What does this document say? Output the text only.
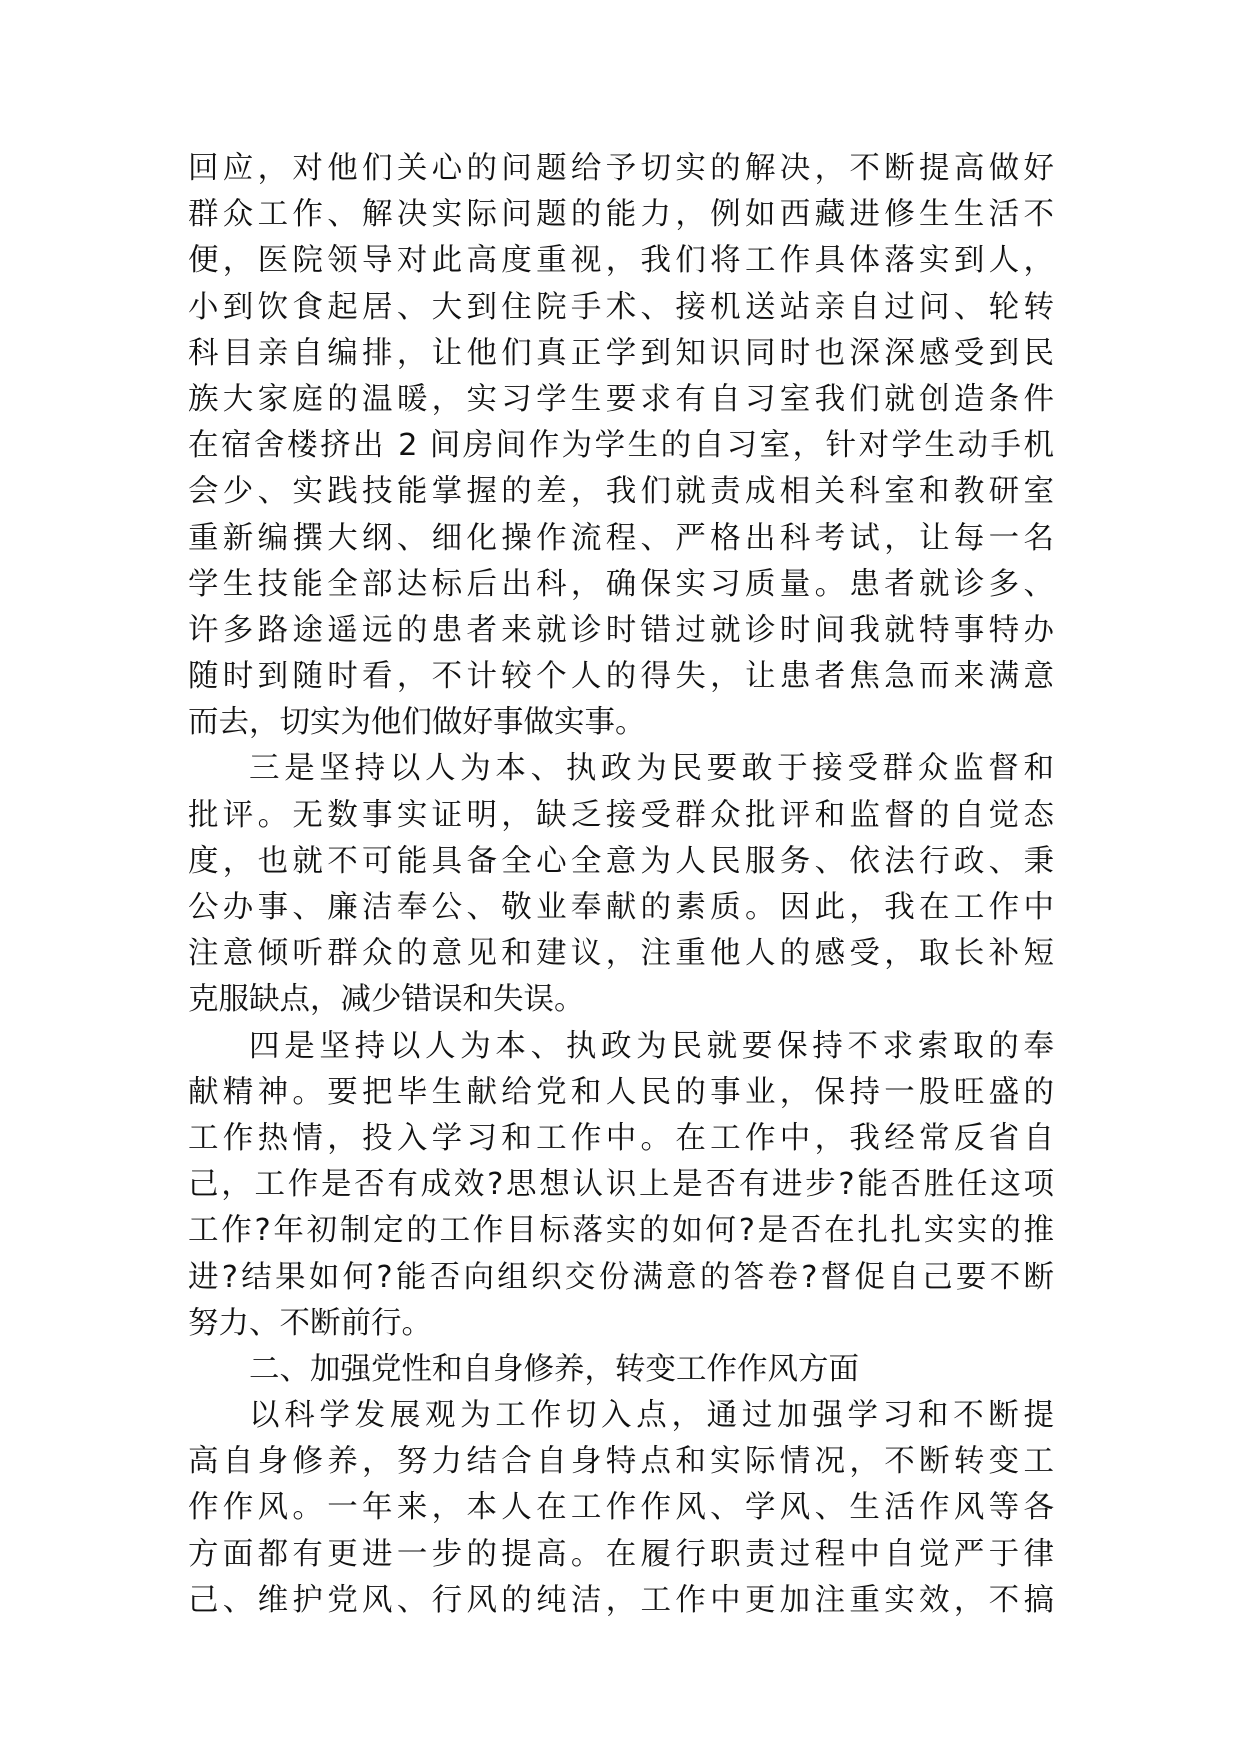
回应，对他们关心的问题给予切实的解决，不断提高做好
群众工作、解决实际问题的能力，例如西藏进修生生活不
便，医院领导对此高度重视，我们将工作具体落实到人，
小到饮食起居、大到住院手术、接机送站亲自过问、轮转
科目亲自编排，让他们真正学到知识同时也深深感受到民
族大家庭的温暖，实习学生要求有自习室我们就创造条件
在宿舍楼挤出 2 间房间作为学生的自习室，针对学生动手机
会少、实践技能掌握的差，我们就责成相关科室和教研室
重新编撰大纲、细化操作流程、严格出科考试，让每一名
学生技能全部达标后出科，确保实习质量。患者就诊多、
许多路途遥远的患者来就诊时错过就诊时间我就特事特办
随时到随时看，不计较个人的得失，让患者焦急而来满意
而去，切实为他们做好事做实事。
三是坚持以人为本、执政为民要敢于接受群众监督和
批评。无数事实证明，缺乏接受群众批评和监督的自觉态
度，也就不可能具备全心全意为人民服务、依法行政、秉
公办事、廉洁奉公、敬业奉献的素质。因此，我在工作中
注意倾听群众的意见和建议，注重他人的感受，取长补短
克服缺点，减少错误和失误。
四是坚持以人为本、执政为民就要保持不求索取的奉
献精神。要把毕生献给党和人民的事业，保持一股旺盛的
工作热情，投入学习和工作中。在工作中，我经常反省自
己，工作是否有成效?思想认识上是否有进步?能否胜任这项
工作?年初制定的工作目标落实的如何?是否在扎扎实实的推
进?结果如何?能否向组织交份满意的答卷?督促自己要不断
努力、不断前行。
二、加强党性和自身修养，转变工作作风方面
以科学发展观为工作切入点，通过加强学习和不断提
高自身修养，努力结合自身特点和实际情况，不断转变工
作作风。一年来，本人在工作作风、学风、生活作风等各
方面都有更进一步的提高。在履行职责过程中自觉严于律
己、维护党风、行风的纯洁，工作中更加注重实效，不搞
